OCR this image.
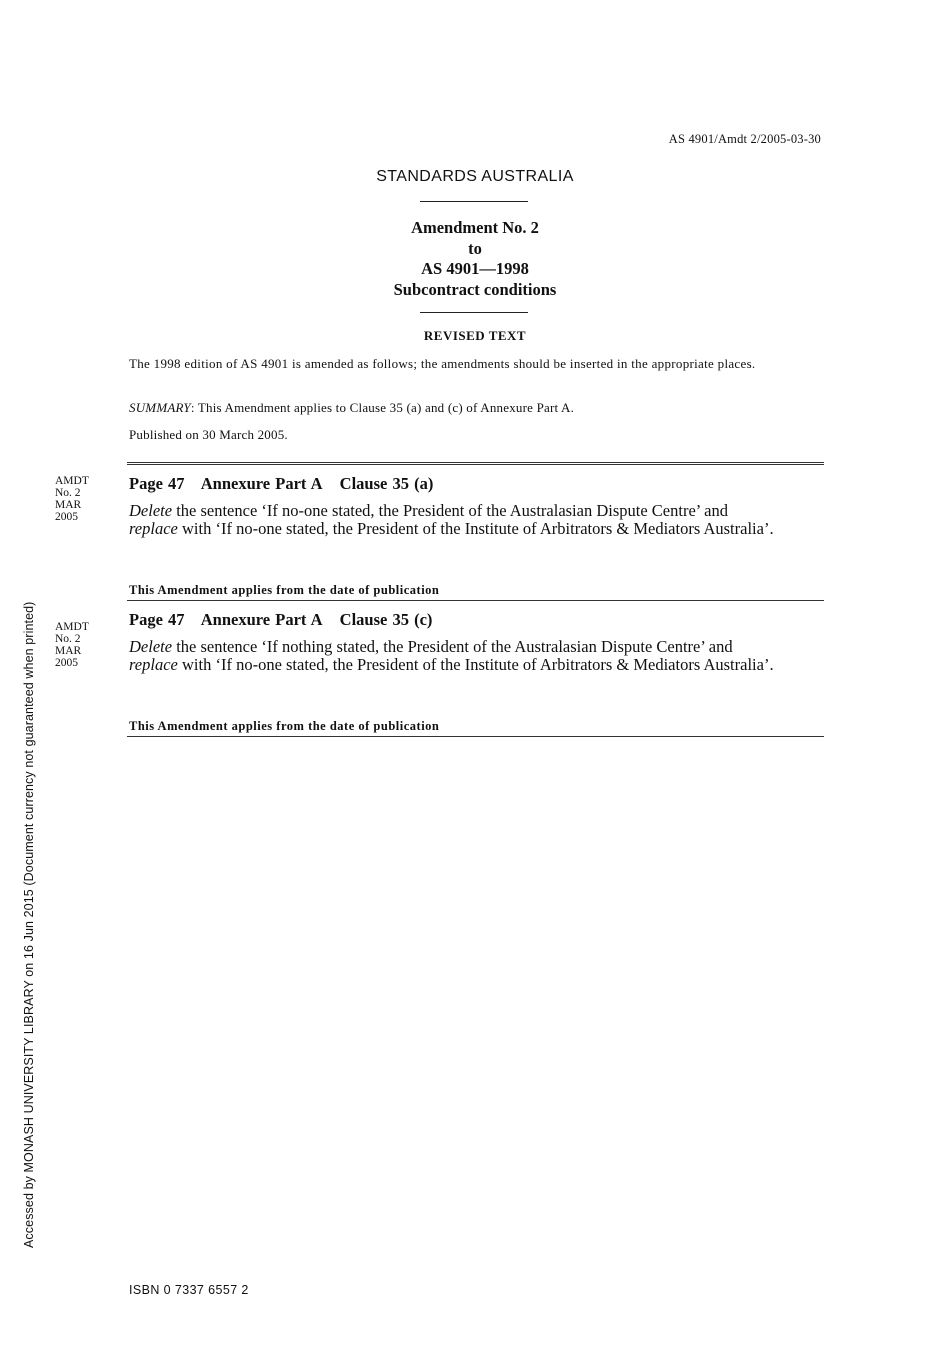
AS 4901/Amdt 2/2005-03-30
STANDARDS AUSTRALIA
Amendment No. 2
to
AS 4901—1998
Subcontract conditions
REVISED TEXT
The 1998 edition of AS 4901 is amended as follows; the amendments should be inserted in the appropriate places.
SUMMARY: This Amendment applies to Clause 35 (a) and (c) of Annexure Part A.
Published on 30 March 2005.
AMDT
No. 2
MAR
2005
Page 47 Annexure Part A Clause 35 (a)
Delete the sentence ‘If no-one stated, the President of the Australasian Dispute Centre’ and
replace with ‘If no-one stated, the President of the Institute of Arbitrators & Mediators Australia’.
This Amendment applies from the date of publication
AMDT
No. 2
MAR
2005
Page 47 Annexure Part A Clause 35 (c)
Delete the sentence ‘If nothing stated, the President of the Australasian Dispute Centre’ and
replace with ‘If no-one stated, the President of the Institute of Arbitrators & Mediators Australia’.
This Amendment applies from the date of publication
Accessed by MONASH UNIVERSITY LIBRARY on 16 Jun 2015 (Document currency not guaranteed when printed)
ISBN 0 7337 6557 2
